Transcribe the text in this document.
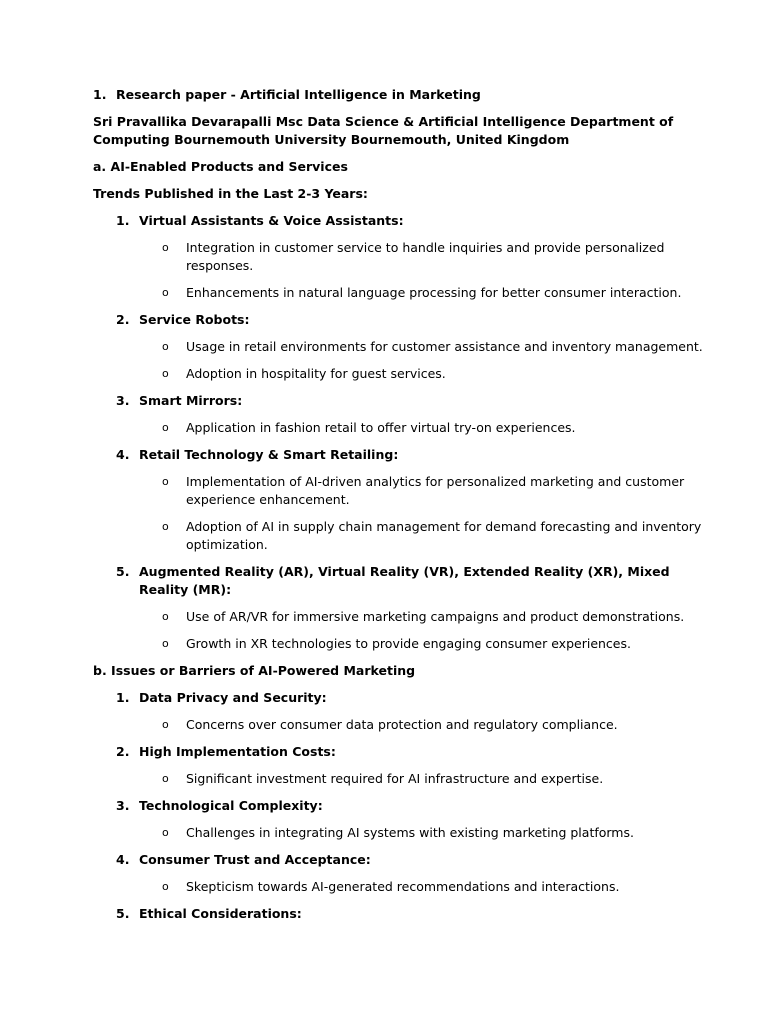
1. Research paper - Artificial Intelligence in Marketing
Sri Pravallika Devarapalli Msc Data Science & Artificial Intelligence Department of Computing Bournemouth University Bournemouth, United Kingdom
a. AI-Enabled Products and Services
Trends Published in the Last 2-3 Years:
1. Virtual Assistants & Voice Assistants:
o	Integration in customer service to handle inquiries and provide personalized responses.
o	Enhancements in natural language processing for better consumer interaction.
2. Service Robots:
o	Usage in retail environments for customer assistance and inventory management.
o	Adoption in hospitality for guest services.
3. Smart Mirrors:
o	Application in fashion retail to offer virtual try-on experiences.
4. Retail Technology & Smart Retailing:
o	Implementation of AI-driven analytics for personalized marketing and customer experience enhancement.
o	Adoption of AI in supply chain management for demand forecasting and inventory optimization.
5. Augmented Reality (AR), Virtual Reality (VR), Extended Reality (XR), Mixed Reality (MR):
o	Use of AR/VR for immersive marketing campaigns and product demonstrations.
o	Growth in XR technologies to provide engaging consumer experiences.
b. Issues or Barriers of AI-Powered Marketing
1. Data Privacy and Security:
o	Concerns over consumer data protection and regulatory compliance.
2. High Implementation Costs:
o	Significant investment required for AI infrastructure and expertise.
3. Technological Complexity:
o	Challenges in integrating AI systems with existing marketing platforms.
4. Consumer Trust and Acceptance:
o	Skepticism towards AI-generated recommendations and interactions.
5. Ethical Considerations:
